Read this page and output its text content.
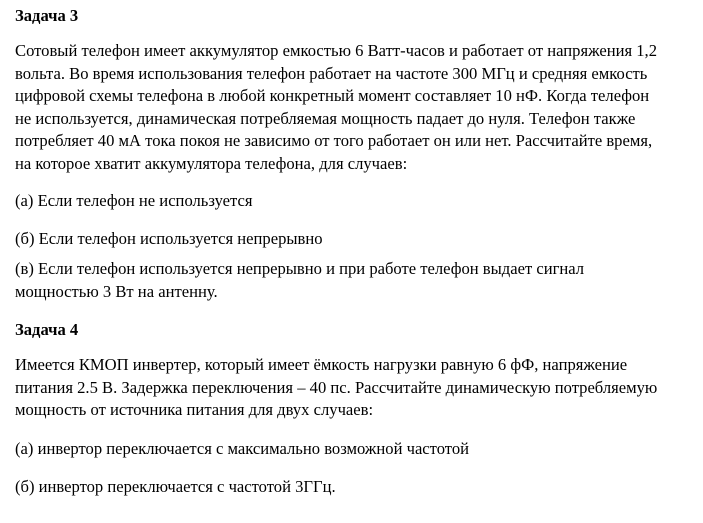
Задача 3
Сотовый телефон имеет аккумулятор емкостью 6 Ватт-часов и работает от напряжения 1,2
вольта. Во время использования телефон работает на частоте 300 МГц и средняя емкость
цифровой схемы телефона в любой конкретный момент составляет 10 нФ. Когда телефон
не используется, динамическая потребляемая мощность падает до нуля. Телефон также
потребляет 40 мА тока покоя не зависимо от того работает он или нет. Рассчитайте время,
на которое хватит аккумулятора телефона, для случаев:
(а) Если телефон не используется
(б) Если телефон используется непрерывно
(в) Если телефон используется непрерывно и при работе телефон выдает сигнал
мощностью 3 Вт на антенну.
Задача 4
Имеется КМОП инвертер, который имеет ёмкость нагрузки равную 6 фФ, напряжение
питания 2.5 В. Задержка переключения – 40 пс. Рассчитайте динамическую потребляемую
мощность от источника питания для двух случаев:
(а) инвертор переключается с максимально возможной частотой
(б) инвертор переключается с частотой 3ГГц.
